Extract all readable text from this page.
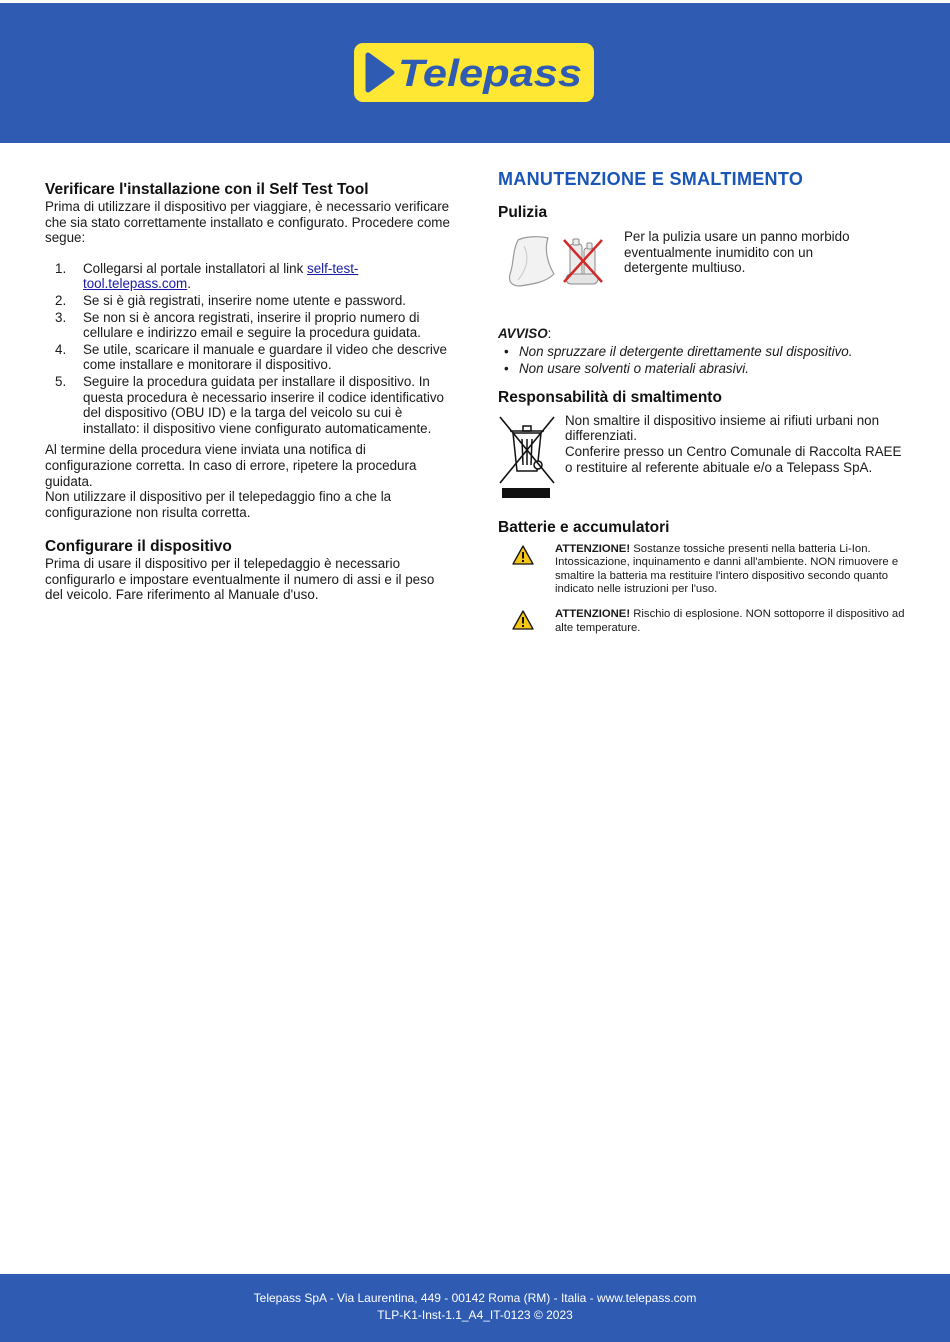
Telepass
Verificare l'installazione con il Self Test Tool

Prima di utilizzare il dispositivo per viaggiare, è necessario verificare che sia stato correttamente installato e configurato. Procedere come segue:

1. Collegarsi al portale installatori al link self-test-tool.telepass.com.
2. Se si è già registrati, inserire nome utente e password.
3. Se non si è ancora registrati, inserire il proprio numero di cellulare e indirizzo email e seguire la procedura guidata.
4. Se utile, scaricare il manuale e guardare il video che descrive come installare e monitorare il dispositivo.
5. Seguire la procedura guidata per installare il dispositivo. In questa procedura è necessario inserire il codice identificativo del dispositivo (OBU ID) e la targa del veicolo su cui è installato: il dispositivo viene configurato automaticamente.

Al termine della procedura viene inviata una notifica di configurazione corretta. In caso di errore, ripetere la procedura guidata.

Non utilizzare il dispositivo per il telepedaggio fino a che la configurazione non risulta corretta.

Configurare il dispositivo

Prima di usare il dispositivo per il telepedaggio è necessario configurarlo e impostare eventualmente il numero di assi e il peso del veicolo. Fare riferimento al Manuale d'uso.

MANUTENZIONE E SMALTIMENTO
Pulizia

Per la pulizia usare un panno morbido eventualmente inumidito con un detergente multiuso.

AVVISO:

• Non spruzzare il detergente direttamente sul dispositivo.
• Non usare solventi o materiali abrasivi.
Responsabilità di smaltimento

Non smaltire il dispositivo insieme ai rifiuti urbani non differenziati.

Conferire presso un Centro Comunale di Raccolta RAEE o restituire al referente abituale e/o a Telepass SpA.

Batterie e accumulatori
ATTENZIONE! Sostanze tossiche presenti nella batteria Li-Ion. Intossicazione, inquinamento e danni all'ambiente. NON rimuovere e smaltire la batteria ma restituire l'intero dispositivo secondo quanto indicato nelle istruzioni per l'uso.
ATTENZIONE! Rischio di esplosione. NON sottoporre il dispositivo ad alte temperature.
Telepass SpA - Via Laurentina, 449 - 00142 Roma (RM) - Italia - www.telepass.com
TLP-K1-Inst-1.1_A4_IT-0123 © 2023
